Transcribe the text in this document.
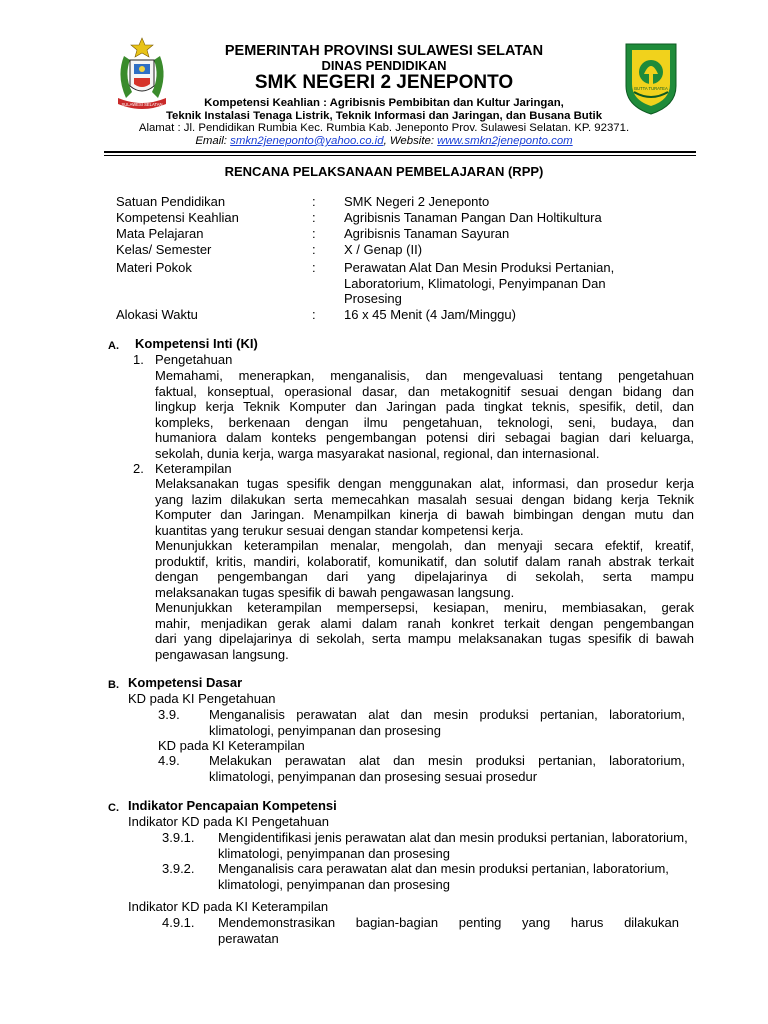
SULAWESI SELATAN
BUTTA TURATEA
PEMERINTAH PROVINSI SULAWESI SELATAN
DINAS PENDIDIKAN
SMK NEGERI 2 JENEPONTO
Kompetensi Keahlian : Agribisnis Pembibitan dan Kultur Jaringan,
Teknik Instalasi Tenaga Listrik, Teknik Informasi dan Jaringan, dan Busana Butik
Alamat : Jl. Pendidikan Rumbia Kec. Rumbia Kab. Jeneponto Prov. Sulawesi Selatan. KP. 92371.
Email: smkn2jeneponto@yahoo.co.id, Website: www.smkn2jeneponto.com
RENCANA PELAKSANAAN PEMBELAJARAN (RPP)
Satuan Pendidikan	: SMK Negeri 2 Jeneponto
Kompetensi Keahlian	: Agribisnis Tanaman Pangan Dan Holtikultura
Mata Pelajaran	: Agribisnis Tanaman Sayuran
Kelas/ Semester	: X / Genap (II)
Materi Pokok	: Perawatan Alat Dan Mesin Produksi Pertanian,
Laboratorium, Klimatologi, Penyimpanan Dan
Prosesing
Alokasi Waktu	: 16 x 45 Menit (4 Jam/Minggu)
A. Kompetensi Inti (KI)
1. Pengetahuan
Memahami, menerapkan, menganalisis, dan mengevaluasi tentang pengetahuan
faktual, konseptual, operasional dasar, dan metakognitif sesuai dengan bidang dan
lingkup kerja Teknik Komputer dan Jaringan pada tingkat teknis, spesifik, detil, dan
kompleks, berkenaan dengan ilmu pengetahuan, teknologi, seni, budaya, dan
humaniora dalam konteks pengembangan potensi diri sebagai bagian dari keluarga,
sekolah, dunia kerja, warga masyarakat nasional, regional, dan internasional.
2. Keterampilan
Melaksanakan tugas spesifik dengan menggunakan alat, informasi, dan prosedur kerja
yang lazim dilakukan serta memecahkan masalah sesuai dengan bidang kerja Teknik
Komputer dan Jaringan. Menampilkan kinerja di bawah bimbingan dengan mutu dan
kuantitas yang terukur sesuai dengan standar kompetensi kerja.
Menunjukkan keterampilan menalar, mengolah, dan menyaji secara efektif, kreatif,
produktif, kritis, mandiri, kolaboratif, komunikatif, dan solutif dalam ranah abstrak terkait
dengan pengembangan dari yang dipelajarinya di sekolah, serta mampu
melaksanakan tugas spesifik di bawah pengawasan langsung.
Menunjukkan keterampilan mempersepsi, kesiapan, meniru, membiasakan, gerak
mahir, menjadikan gerak alami dalam ranah konkret terkait dengan pengembangan
dari yang dipelajarinya di sekolah, serta mampu melaksanakan tugas spesifik di bawah
pengawasan langsung.
B. Kompetensi Dasar
KD pada KI Pengetahuan
3.9. Menganalisis perawatan alat dan mesin produksi pertanian, laboratorium,
klimatologi, penyimpanan dan prosesing
KD pada KI Keterampilan
4.9. Melakukan perawatan alat dan mesin produksi pertanian, laboratorium,
klimatologi, penyimpanan dan prosesing sesuai prosedur
C. Indikator Pencapaian Kompetensi
Indikator KD pada KI Pengetahuan
3.9.1. Mengidentifikasi jenis perawatan alat dan mesin produksi pertanian, laboratorium,
klimatologi, penyimpanan dan prosesing
3.9.2. Menganalisis cara perawatan alat dan mesin produksi pertanian, laboratorium,
klimatologi, penyimpanan dan prosesing
Indikator KD pada KI Keterampilan
4.9.1. Mendemonstrasikan bagian-bagian penting yang harus dilakukan
perawatan
